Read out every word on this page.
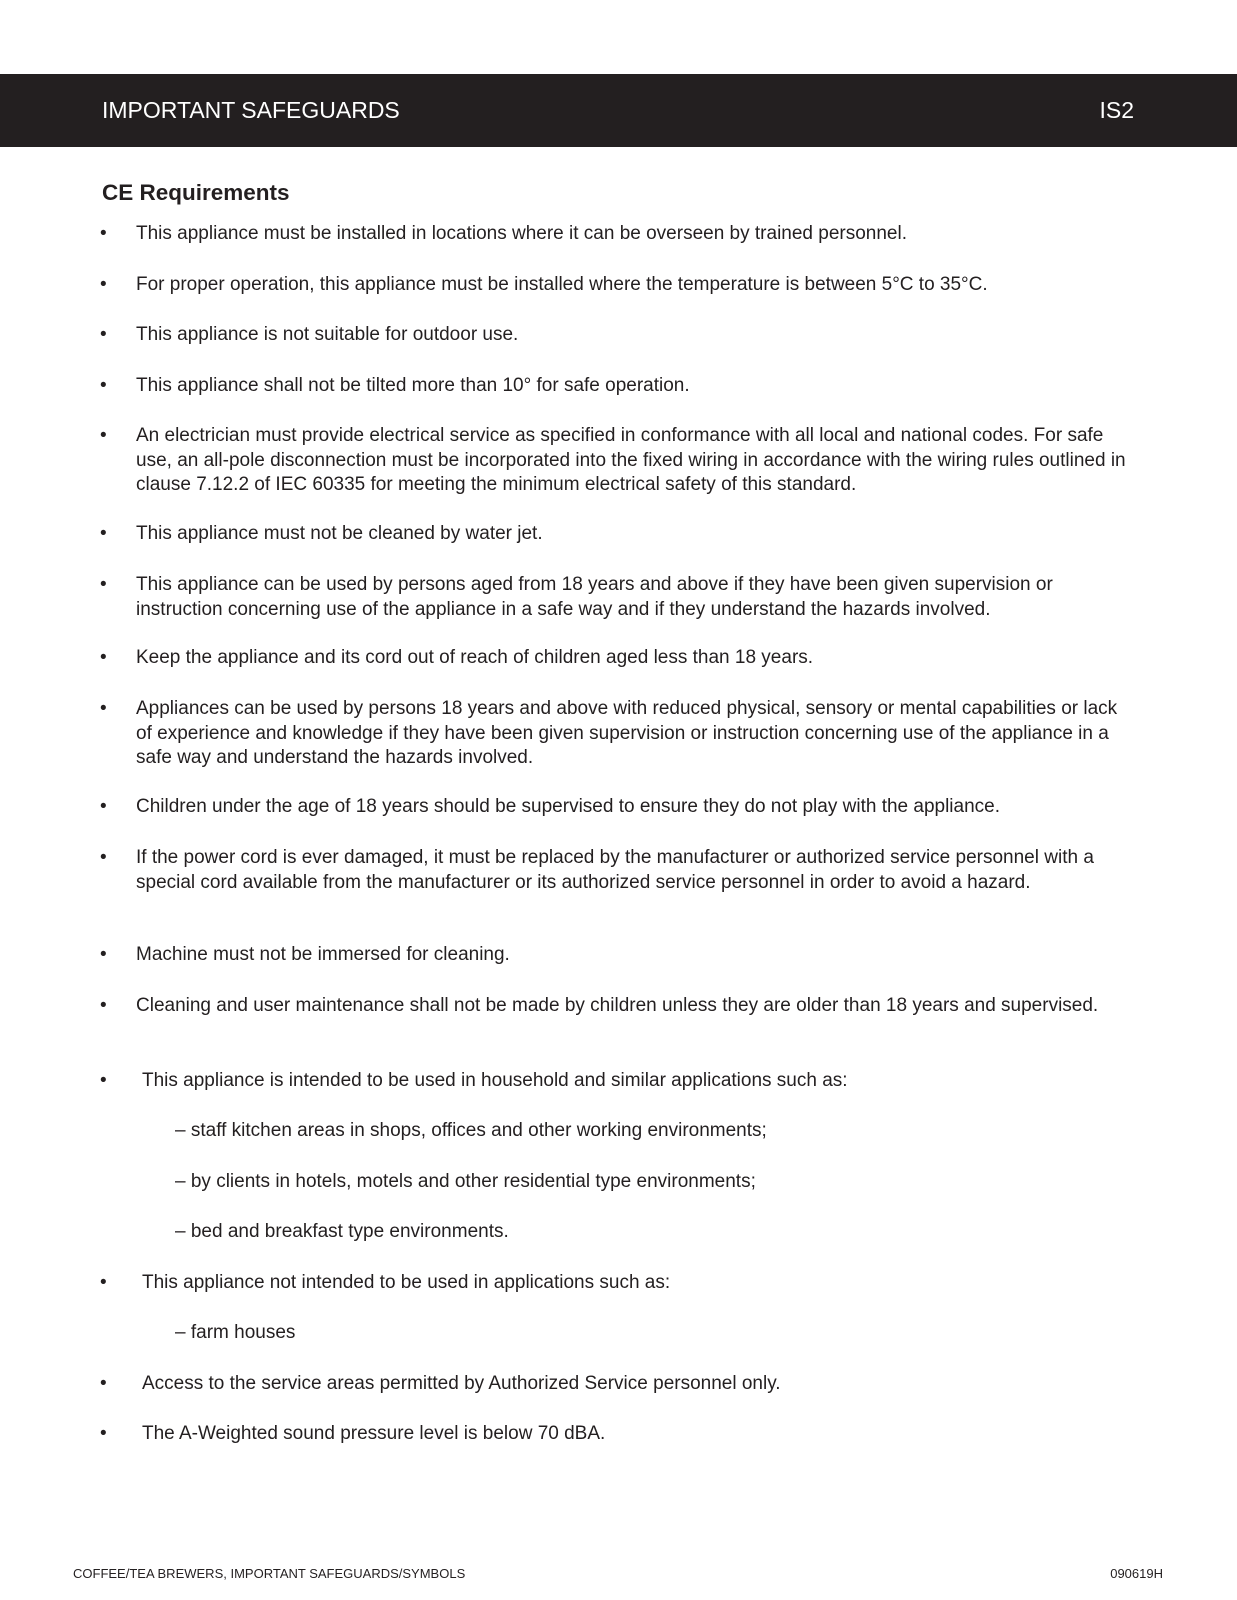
IMPORTANT SAFEGUARDS	IS2
CE Requirements
• This appliance must be installed in locations where it can be overseen by trained personnel.
• For proper operation, this appliance must be installed where the temperature is between 5°C to 35°C.
• This appliance is not suitable for outdoor use.
• This appliance shall not be tilted more than 10° for safe operation.
• An electrician must provide electrical service as specified in conformance with all local and national codes. For safe use, an all-pole disconnection must be incorporated into the fixed wiring in accordance with the wiring rules outlined in clause 7.12.2 of IEC 60335 for meeting the minimum electrical safety of this standard.
• This appliance must not be cleaned by water jet.
• This appliance can be used by persons aged from 18 years and above if they have been given supervision or instruction concerning use of the appliance in a safe way and if they understand the hazards involved.
• Keep the appliance and its cord out of reach of children aged less than 18 years.
• Appliances can be used by persons 18 years and above with reduced physical, sensory or mental capabilities or lack of experience and knowledge if they have been given supervision or instruction concerning use of the appliance in a safe way and understand the hazards involved.
• Children under the age of 18 years should be supervised to ensure they do not play with the appliance.
• If the power cord is ever damaged, it must be replaced by the manufacturer or authorized service personnel with a special cord available from the manufacturer or its authorized service personnel in order to avoid a hazard.
• Machine must not be immersed for cleaning.
• Cleaning and user maintenance shall not be made by children unless they are older than 18 years and supervised.
• This appliance is intended to be used in household and similar applications such as:
– staff kitchen areas in shops, offices and other working environments;
– by clients in hotels, motels and other residential type environments;
– bed and breakfast type environments.
• This appliance not intended to be used in applications such as:
– farm houses
• Access to the service areas permitted by Authorized Service personnel only.
• The A-Weighted sound pressure level is below 70 dBA.
COFFEE/TEA BREWERS, IMPORTANT SAFEGUARDS/SYMBOLS	090619H
